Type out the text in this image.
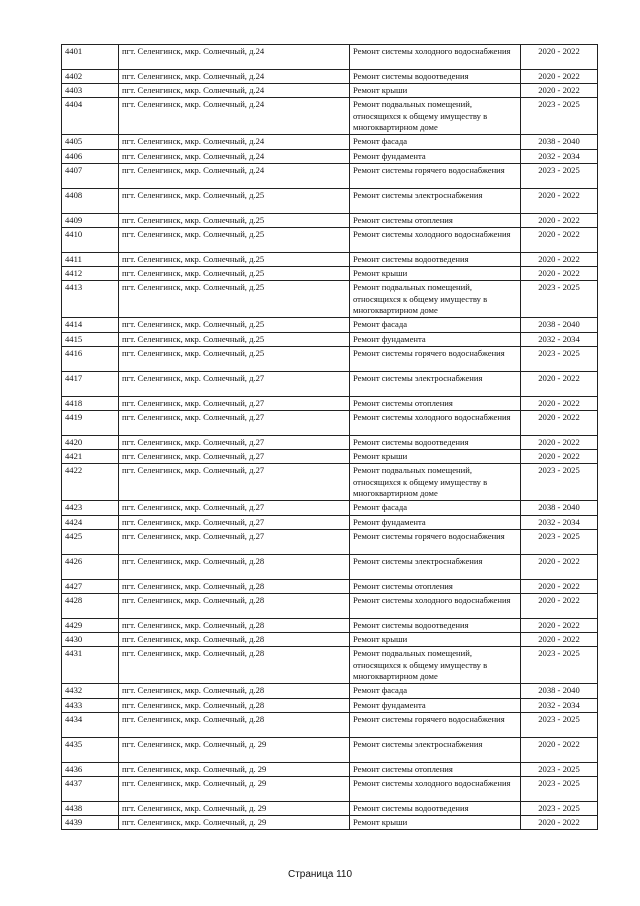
4401	пгт. Селенгинск, мкр. Солнечный, д.24	Ремонт системы холодного водоснабжения	2020 - 2022
4402	пгт. Селенгинск, мкр. Солнечный, д.24	Ремонт системы водоотведения	2020 - 2022
4403	пгт. Селенгинск, мкр. Солнечный, д.24	Ремонт крыши	2020 - 2022
4404	пгт. Селенгинск, мкр. Солнечный, д.24	Ремонт подвальных помещений, относящихся к общему имуществу в многоквартирном доме	2023 - 2025
4405	пгт. Селенгинск, мкр. Солнечный, д.24	Ремонт фасада	2038 - 2040
4406	пгт. Селенгинск, мкр. Солнечный, д.24	Ремонт фундамента	2032 - 2034
4407	пгт. Селенгинск, мкр. Солнечный, д.24	Ремонт системы горячего водоснабжения	2023 - 2025
4408	пгт. Селенгинск, мкр. Солнечный, д.25	Ремонт системы электроснабжения	2020 - 2022
4409	пгт. Селенгинск, мкр. Солнечный, д.25	Ремонт системы отопления	2020 - 2022
4410	пгт. Селенгинск, мкр. Солнечный, д.25	Ремонт системы холодного водоснабжения	2020 - 2022
4411	пгт. Селенгинск, мкр. Солнечный, д.25	Ремонт системы водоотведения	2020 - 2022
4412	пгт. Селенгинск, мкр. Солнечный, д.25	Ремонт крыши	2020 - 2022
4413	пгт. Селенгинск, мкр. Солнечный, д.25	Ремонт подвальных помещений, относящихся к общему имуществу в многоквартирном доме	2023 - 2025
4414	пгт. Селенгинск, мкр. Солнечный, д.25	Ремонт фасада	2038 - 2040
4415	пгт. Селенгинск, мкр. Солнечный, д.25	Ремонт фундамента	2032 - 2034
4416	пгт. Селенгинск, мкр. Солнечный, д.25	Ремонт системы горячего водоснабжения	2023 - 2025
4417	пгт. Селенгинск, мкр. Солнечный, д.27	Ремонт системы электроснабжения	2020 - 2022
4418	пгт. Селенгинск, мкр. Солнечный, д.27	Ремонт системы отопления	2020 - 2022
4419	пгт. Селенгинск, мкр. Солнечный, д.27	Ремонт системы холодного водоснабжения	2020 - 2022
4420	пгт. Селенгинск, мкр. Солнечный, д.27	Ремонт системы водоотведения	2020 - 2022
4421	пгт. Селенгинск, мкр. Солнечный, д.27	Ремонт крыши	2020 - 2022
4422	пгт. Селенгинск, мкр. Солнечный, д.27	Ремонт подвальных помещений, относящихся к общему имуществу в многоквартирном доме	2023 - 2025
4423	пгт. Селенгинск, мкр. Солнечный, д.27	Ремонт фасада	2038 - 2040
4424	пгт. Селенгинск, мкр. Солнечный, д.27	Ремонт фундамента	2032 - 2034
4425	пгт. Селенгинск, мкр. Солнечный, д.27	Ремонт системы горячего водоснабжения	2023 - 2025
4426	пгт. Селенгинск, мкр. Солнечный, д.28	Ремонт системы электроснабжения	2020 - 2022
4427	пгт. Селенгинск, мкр. Солнечный, д.28	Ремонт системы отопления	2020 - 2022
4428	пгт. Селенгинск, мкр. Солнечный, д.28	Ремонт системы холодного водоснабжения	2020 - 2022
4429	пгт. Селенгинск, мкр. Солнечный, д.28	Ремонт системы водоотведения	2020 - 2022
4430	пгт. Селенгинск, мкр. Солнечный, д.28	Ремонт крыши	2020 - 2022
4431	пгт. Селенгинск, мкр. Солнечный, д.28	Ремонт подвальных помещений, относящихся к общему имуществу в многоквартирном доме	2023 - 2025
4432	пгт. Селенгинск, мкр. Солнечный, д.28	Ремонт фасада	2038 - 2040
4433	пгт. Селенгинск, мкр. Солнечный, д.28	Ремонт фундамента	2032 - 2034
4434	пгт. Селенгинск, мкр. Солнечный, д.28	Ремонт системы горячего водоснабжения	2023 - 2025
4435	пгт. Селенгинск, мкр. Солнечный, д. 29	Ремонт системы электроснабжения	2020 - 2022
4436	пгт. Селенгинск, мкр. Солнечный, д. 29	Ремонт системы отопления	2023 - 2025
4437	пгт. Селенгинск, мкр. Солнечный, д. 29	Ремонт системы холодного водоснабжения	2023 - 2025
4438	пгт. Селенгинск, мкр. Солнечный, д. 29	Ремонт системы водоотведения	2023 - 2025
4439	пгт. Селенгинск, мкр. Солнечный, д. 29	Ремонт крыши	2020 - 2022
Страница 110
